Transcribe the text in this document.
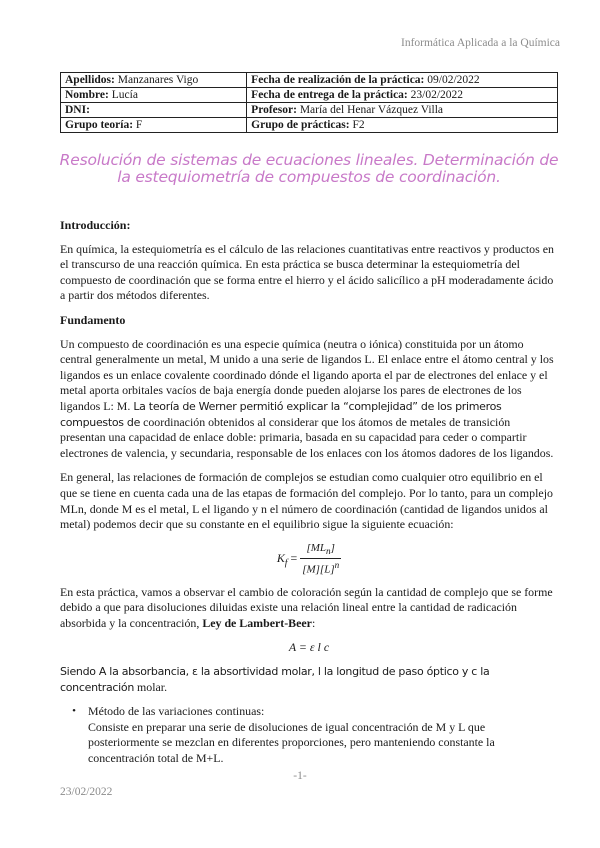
Informática Aplicada a la Química
Apellidos: Manzanares Vigo	Fecha de realización de la práctica: 09/02/2022
Nombre: Lucía	Fecha de entrega de la práctica: 23/02/2022
DNI:	Profesor: María del Henar Vázquez Villa
Grupo teoría: F	Grupo de prácticas: F2
Resolución de sistemas de ecuaciones lineales. Determinación de la estequiometría de compuestos de coordinación.
Introducción:

En química, la estequiometría es el cálculo de las relaciones cuantitativas entre reactivos y productos en el transcurso de una reacción química. En esta práctica se busca determinar la estequiometría del compuesto de coordinación que se forma entre el hierro y el ácido salicílico a pH moderadamente ácido a partir dos métodos diferentes.

Fundamento

Un compuesto de coordinación es una especie química (neutra o iónica) constituida por un átomo central generalmente un metal, M unido a una serie de ligandos L. El enlace entre el átomo central y los ligandos es un enlace covalente coordinado dónde el ligando aporta el par de electrones del enlace y el metal aporta orbitales vacíos de baja energía donde pueden alojarse los pares de electrones de los ligandos L: M. La teoría de Werner permitió explicar la “complejidad” de los primeros compuestos de coordinación obtenidos al considerar que los átomos de metales de transición presentan una capacidad de enlace doble: primaria, basada en su capacidad para ceder o compartir electrones de valencia, y secundaria, responsable de los enlaces con los átomos dadores de los ligandos.

En general, las relaciones de formación de complejos se estudian como cualquier otro equilibrio en el que se tiene en cuenta cada una de las etapas de formación del complejo. Por lo tanto, para un complejo MLn, donde M es el metal, L el ligando y n el número de coordinación (cantidad de ligandos unidos al metal) podemos decir que su constante en el equilibrio sigue la siguiente ecuación:

$K_f = \frac{[ML_n]}{[M][L]^n}$

En esta práctica, vamos a observar el cambio de coloración según la cantidad de complejo que se forme debido a que para disoluciones diluidas existe una relación lineal entre la cantidad de radicación absorbida y la concentración, Ley de Lambert-Beer:

A = ε l c

Siendo A la absorbancia, ε la absortividad molar, l la longitud de paso óptico y c la concentración molar.

•	Método de las variaciones continuas:
Consiste en preparar una serie de disoluciones de igual concentración de M y L que posteriormente se mezclan en diferentes proporciones, pero manteniendo constante la concentración total de M+L.
-1-
23/02/2022
